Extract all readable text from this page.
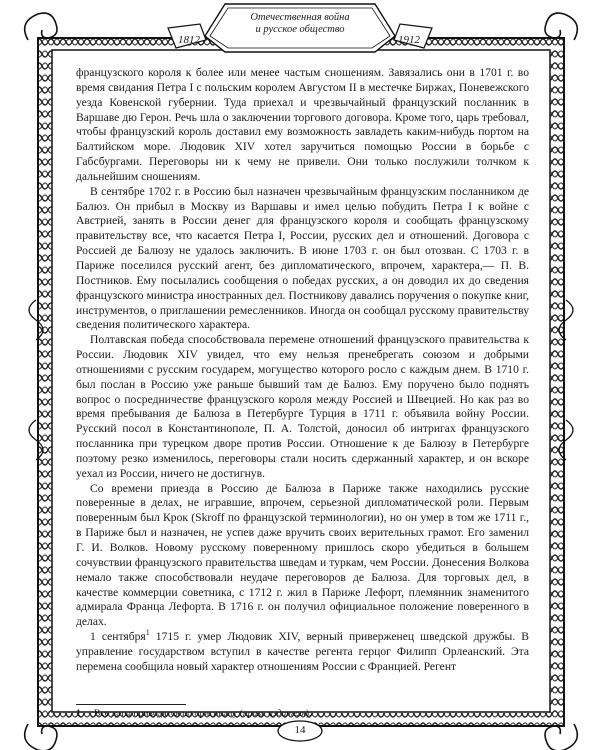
Отечественная война
и русское общество
1812	1912

французского короля к более или менее частым сношениям. Завязались они в 1701 г. во время свидания Петра I с польским королем Августом II в местечке Биржах, Поневежского уезда Ковенской губернии. Туда приехал и чрезвычайный французский посланник в Варшаве дю Герон. Речь шла о заключении торгового договора. Кроме того, царь требовал, чтобы французский король доставил ему возможность завладеть каким-нибудь портом на Балтийском море. Людовик XIV хотел заручиться помощью России в борьбе с Габсбургами. Переговоры ни к чему не привели. Они только послужили толчком к дальнейшим сношениям.

В сентябре 1702 г. в Россию был назначен чрезвычайным французским посланником де Балюз. Он прибыл в Москву из Варшавы и имел целью побудить Петра I к войне с Австрией, занять в России денег для французского короля и сообщать французскому правительству все, что касается Петра I, России, русских дел и отношений. Договора с Россией де Балюзу не удалось заключить. В июне 1703 г. он был отозван. С 1703 г. в Париже поселился русский агент, без дипломатического, впрочем, характера,— П. В. Постников. Ему посылались сообщения о победах русских, а он доводил их до сведения французского министра иностранных дел. Постникову давались поручения о покупке книг, инструментов, о приглашении ремесленников. Иногда он сообщал русскому правительству сведения политического характера.

Полтавская победа способствовала перемене отношений французского правительства к России. Людовик XIV увидел, что ему нельзя пренебрегать союзом и добрыми отношениями с русским государем, могущество которого росло с каждым днем. В 1710 г. был послан в Россию уже раньше бывший там де Балюз. Ему поручено было поднять вопрос о посредничестве французского короля между Россией и Швецией. Но как раз во время пребывания де Балюза в Петербурге Турция в 1711 г. объявила войну России. Русский посол в Константинополе, П. А. Толстой, доносил об интригах французского посланника при турецком дворе против России. Отношение к де Балюзу в Петербурге поэтому резко изменилось, переговоры стали носить сдержанный характер, и он вскоре уехал из России, ничего не достигнув.

Со времени приезда в Россию де Балюза в Париже также находились русские поверенные в делах, не игравшие, впрочем, серьезной дипломатической роли. Первым поверенным был Крок (Skroff по французской терминологии), но он умер в том же 1711 г., в Париже был и назначен, не успев даже вручить своих верительных грамот. Его заменил Г. И. Волков. Новому русскому поверенному пришлось скоро убедиться в большем сочувствии французского правительства шведам и туркам, чем России. Донесения Волкова немало также способствовали неудаче переговоров де Балюза. Для торговых дел, в качестве коммерции советника, с 1712 г. жил в Париже Лефорт, племянник знаменитого адмирала Франца Лефорта. В 1716 г. он получил официальное положение поверенного в делах.

1 сентября$^1$ 1715 г. умер Людовик XIV, верный приверженец шведской дружбы. В управление государством вступил в качестве регента герцог Филипп Орлеанский. Эта перемена сообщила новый характер отношениям России с Францией. Регент

1 Все даты приводятся по оригиналу (прим. издателя).
14
